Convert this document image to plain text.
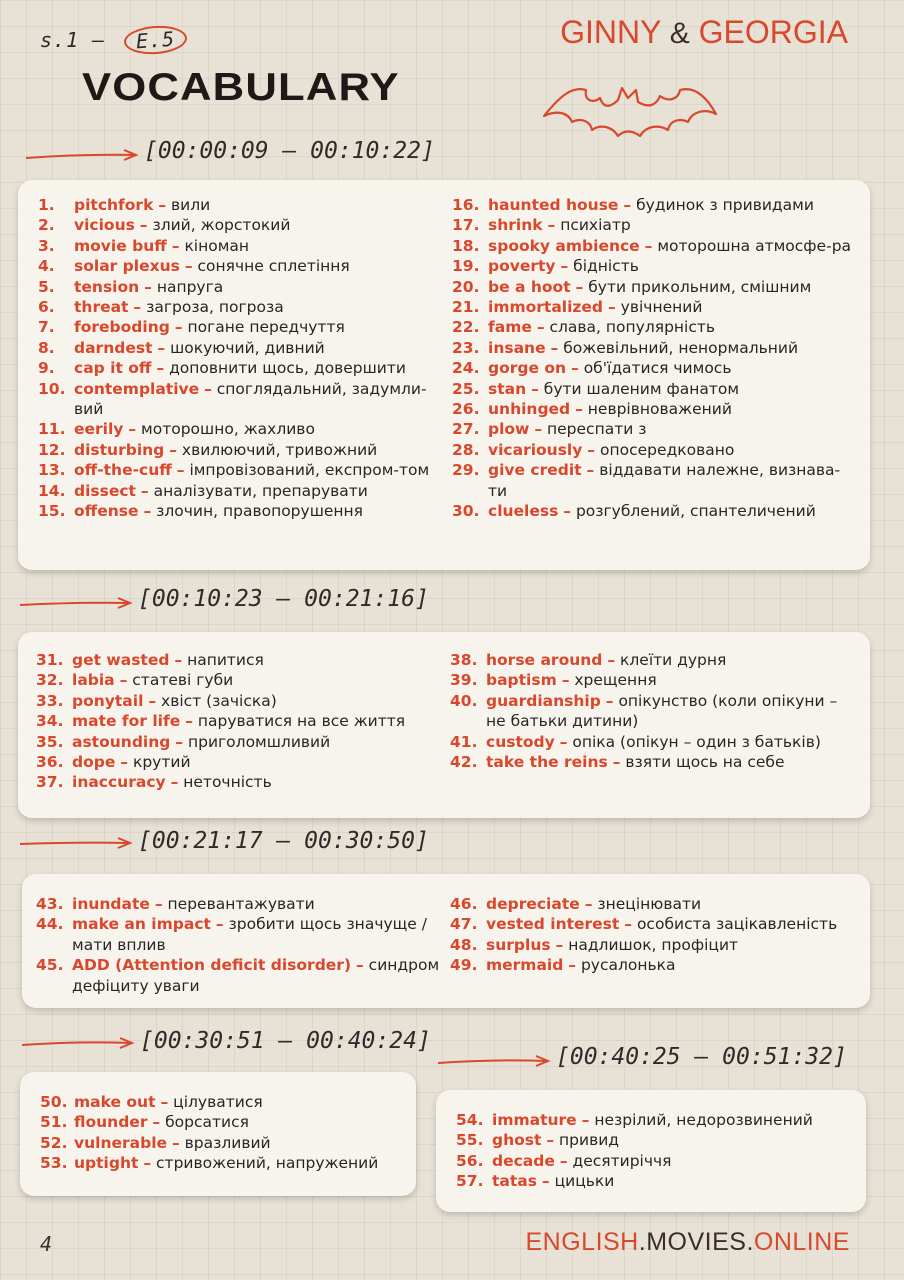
s.1 – E.5	GINNY & GEORGIA
VOCABULARY
[00:00:09 – 00:10:22]
1.	pitchfork – вили
2.	vicious – злий, жорстокий
3.	movie buff – кіноман
4.	solar plexus – сонячне сплетіння
5.	tension – напруга
6.	threat – загроза, погроза
7.	foreboding – погане передчуття
8.	darndest – шокуючий, дивний
9.	cap it off – доповнити щось, довершити
10. contemplative – споглядальний, задумли-вий
11. eerily – моторошно, жахливо
12. disturbing – хвилюючий, тривожний
13. off-the-cuff – імпровізований, експром-том
14. dissect – аналізувати, препарувати
15. offense – злочин, правопорушення
16. haunted house – будинок з привидами
17. shrink – психіатр
18. spooky ambience – моторошна атмосфе-ра
19. poverty – бідність
20. be a hoot – бути прикольним, смішним
21. immortalized – увічнений
22. fame – слава, популярність
23. insane – божевільний, ненормальний
24. gorge on – об'їдатися чимось
25. stan – бути шаленим фанатом
26. unhinged – неврівноважений
27. plow – переспати з
28. vicariously – опосередковано
29. give credit – віддавати належне, визнава-ти
30. clueless – розгублений, спантеличений
[00:10:23 – 00:21:16]
31. get wasted – напитися
32. labia – статеві губи
33. ponytail – хвіст (зачіска)
34. mate for life – паруватися на все життя
35. astounding – приголомшливий
36. dope – крутий
37. inaccuracy – неточність
38. horse around – клеїти дурня
39. baptism – хрещення
40. guardianship – опікунство (коли опікуни – не батьки дитини)
41. custody – опіка (опікун – один з батьків)
42. take the reins – взяти щось на себе
[00:21:17 – 00:30:50]
43. inundate – перевантажувати
44. make an impact – зробити щось значуще / мати вплив
45. ADD (Attention deficit disorder) – синдром дефіциту уваги
46. depreciate – знецінювати
47. vested interest – особиста зацікавленість
48. surplus – надлишок, профіцит
49. mermaid – русалонька
[00:30:51 – 00:40:24]
50. make out – цілуватися
51. flounder – борсатися
52. vulnerable – вразливий
53. uptight – стривожений, напружений
[00:40:25 – 00:51:32]
54. immature – незрілий, недорозвинений
55. ghost – привид
56. decade – десятиріччя
57. tatas – цицьки
4	ENGLISH.MOVIES.ONLINE
